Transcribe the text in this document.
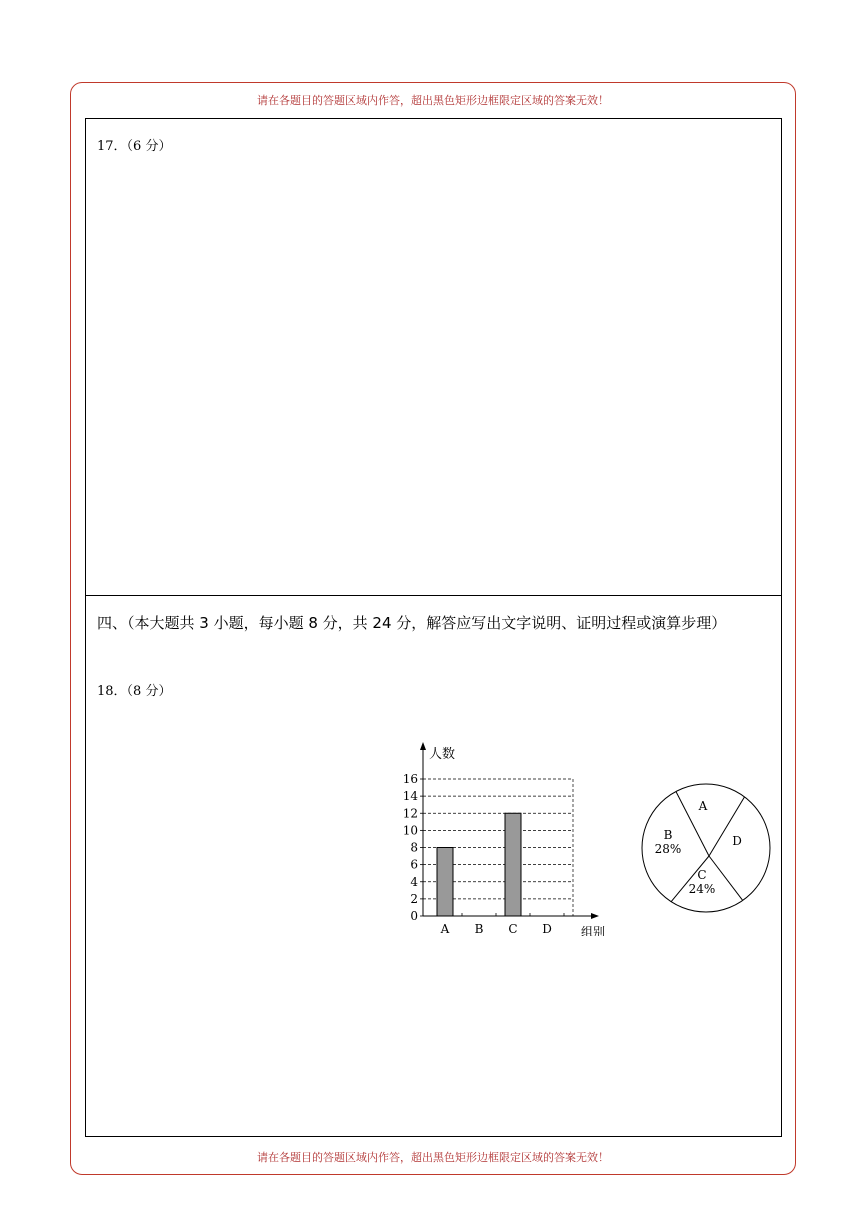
请在各题目的答题区域内作答，超出黑色矩形边框限定区域的答案无效！
17．（6 分）
四、（本大题共 3 小题，每小题 8 分，共 24 分，解答应写出文字说明、证明过程或演算步理）
18．（8 分）
0
2
4
6
8
10
12
14
16
人数
组别
A B C D
A
B
28%
C
24%
D
请在各题目的答题区域内作答，超出黑色矩形边框限定区域的答案无效！
